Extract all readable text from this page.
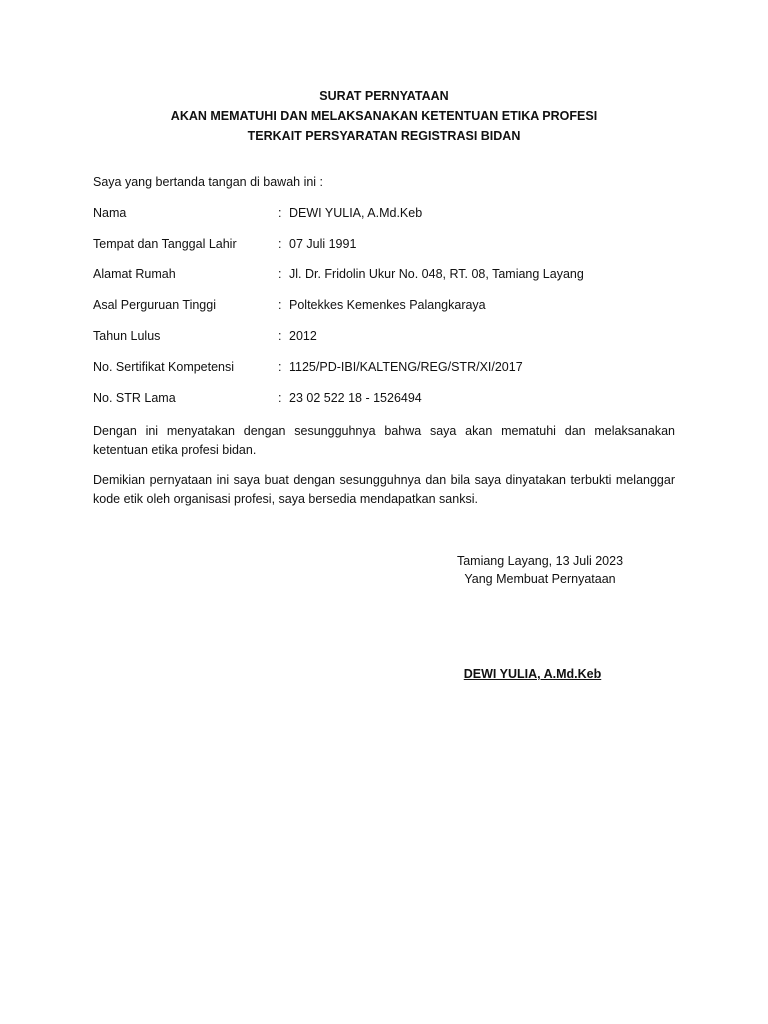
SURAT PERNYATAAN
AKAN MEMATUHI DAN MELAKSANAKAN KETENTUAN ETIKA PROFESI
TERKAIT PERSYARATAN REGISTRASI BIDAN
Saya yang bertanda tangan di bawah ini :
Nama	: DEWI YULIA, A.Md.Keb
Tempat dan Tanggal Lahir	: 07 Juli 1991
Alamat Rumah	: Jl. Dr. Fridolin Ukur No. 048, RT. 08, Tamiang Layang
Asal Perguruan Tinggi	: Poltekkes Kemenkes Palangkaraya
Tahun Lulus	: 2012
No. Sertifikat Kompetensi	: 1125/PD-IBI/KALTENG/REG/STR/XI/2017
No. STR Lama	: 23 02 522 18 - 1526494

Dengan ini menyatakan dengan sesungguhnya bahwa saya akan mematuhi dan melaksanakan ketentuan etika profesi bidan.

Demikian pernyataan ini saya buat dengan sesungguhnya dan bila saya dinyatakan terbukti melanggar kode etik oleh organisasi profesi, saya bersedia mendapatkan sanksi.

Tamiang Layang, 13 Juli 2023
Yang Membuat Pernyataan
DEWI YULIA, A.Md.Keb
